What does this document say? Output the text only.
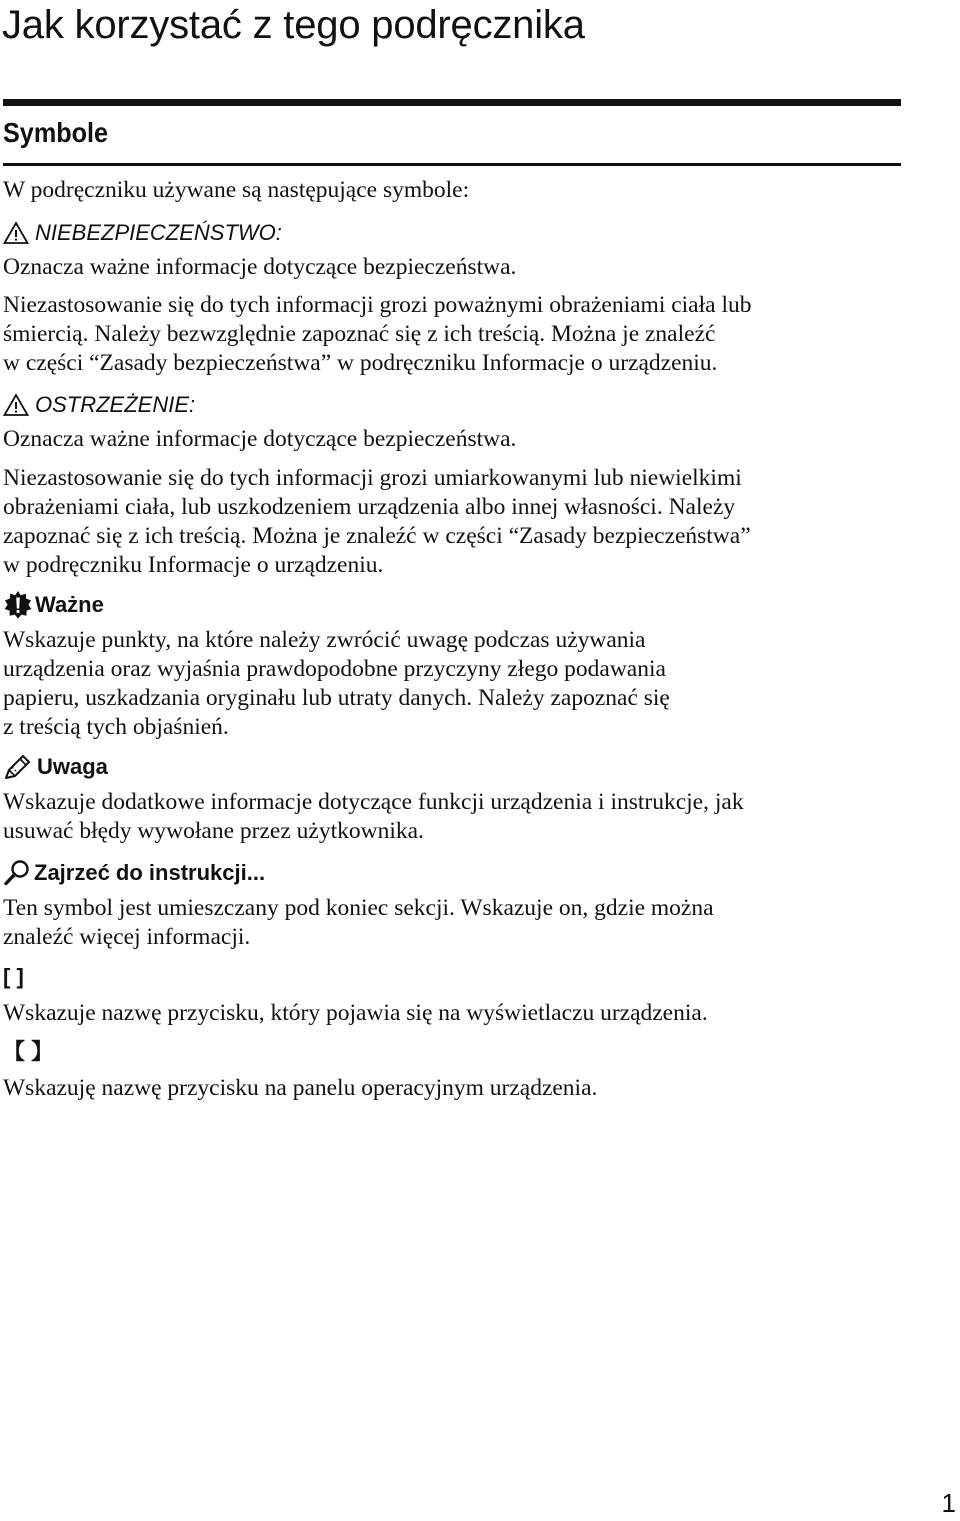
Jak korzystać z tego podręcznika
Symbole

W podręczniku używane są następujące symbole:

NIEBEZPIECZEŃSTWO:

Oznacza ważne informacje dotyczące bezpieczeństwa.

Niezastosowanie się do tych informacji grozi poważnymi obrażeniami ciała lub

śmiercią. Należy bezwzględnie zapoznać się z ich treścią. Można je znaleźć

w części “Zasady bezpieczeństwa” w podręczniku Informacje o urządzeniu.

OSTRZEŻENIE:

Oznacza ważne informacje dotyczące bezpieczeństwa.

Niezastosowanie się do tych informacji grozi umiarkowanymi lub niewielkimi

obrażeniami ciała, lub uszkodzeniem urządzenia albo innej własności. Należy

zapoznać się z ich treścią. Można je znaleźć w części “Zasady bezpieczeństwa”

w podręczniku Informacje o urządzeniu.

Ważne

Wskazuje punkty, na które należy zwrócić uwagę podczas używania

urządzenia oraz wyjaśnia prawdopodobne przyczyny złego podawania

papieru, uszkadzania oryginału lub utraty danych. Należy zapoznać się

z treścią tych objaśnień.

Uwaga

Wskazuje dodatkowe informacje dotyczące funkcji urządzenia i instrukcje, jak

usuwać błędy wywołane przez użytkownika.

Zajrzeć do instrukcji...

Ten symbol jest umieszczany pod koniec sekcji. Wskazuje on, gdzie można

znaleźć więcej informacji.

[ ]

Wskazuje nazwę przycisku, który pojawia się na wyświetlaczu urządzenia.

【 】

Wskazuję nazwę przycisku na panelu operacyjnym urządzenia.

1
